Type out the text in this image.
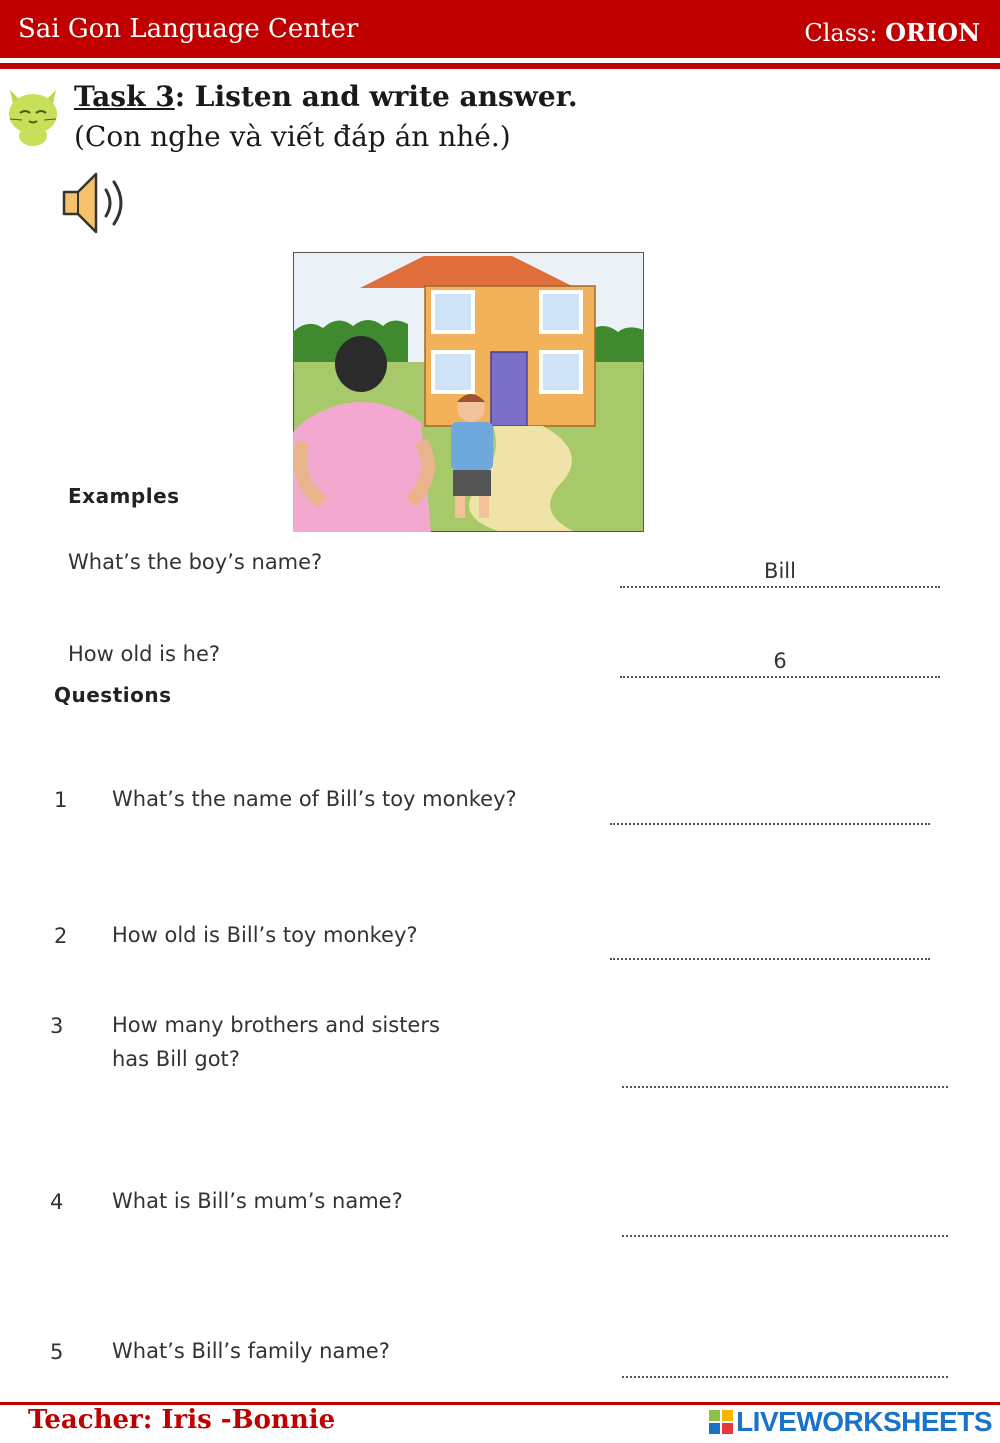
Sai Gon Language Center	Class: ORION
Task 3: Listen and write answer.
(Con nghe và viết đáp án nhé.)
Examples
What’s the boy’s name?	Bill
How old is he?	6
Questions
1 What’s the name of Bill’s toy monkey?
2 How old is Bill’s toy monkey?
3 How many brothers and sisters
has Bill got?
4 What is Bill’s mum’s name?
5 What’s Bill’s family name?
Teacher: Iris -Bonnie	LIVEWORKSHEETS
